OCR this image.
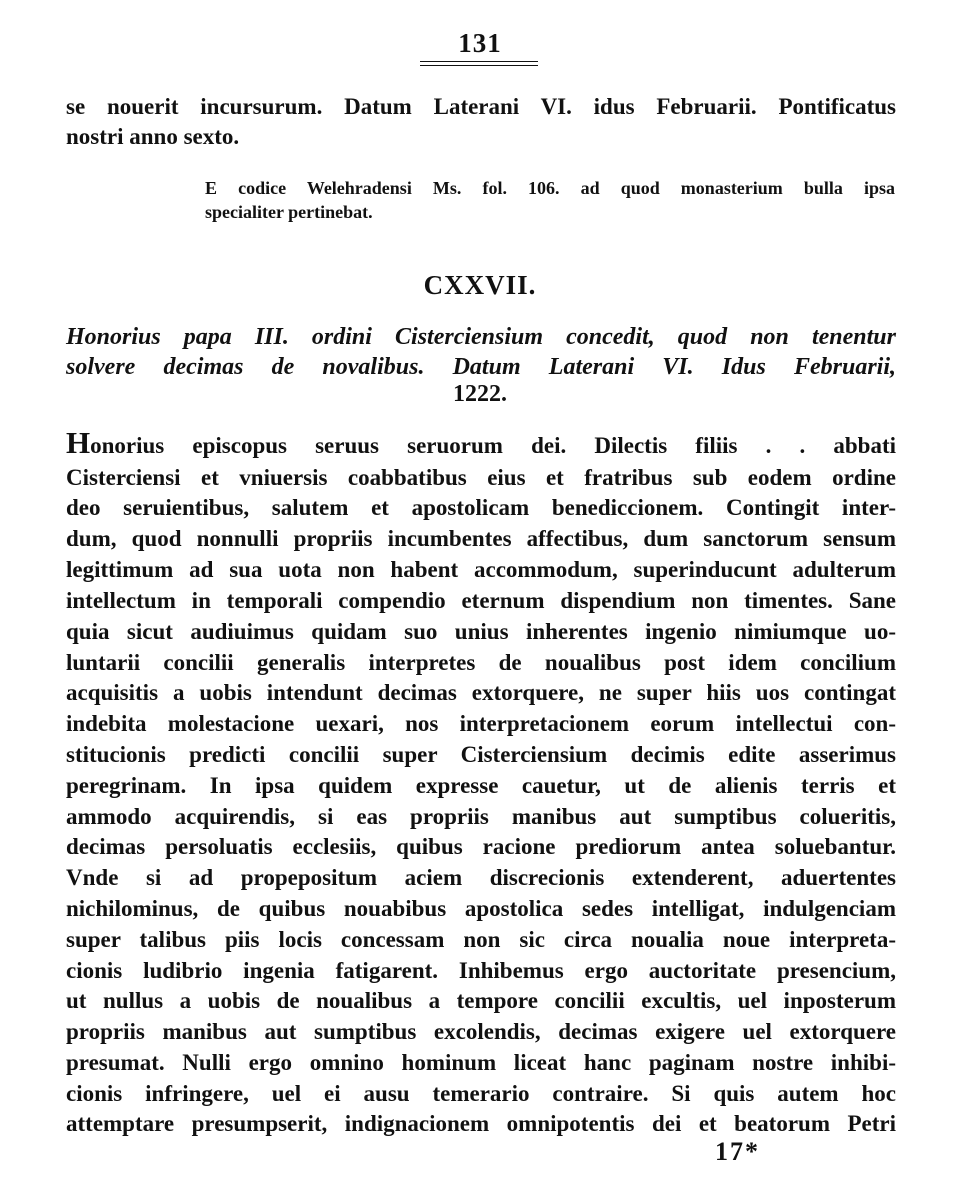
131
se nouerit incursurum. Datum Laterani VI. idus Februarii. Pontificatus
nostri anno sexto.
E codice Welehradensi Ms. fol. 106. ad quod monasterium bulla ipsa
specialiter pertinebat.
CXXVII.
Honorius papa III. ordini Cisterciensium concedit, quod non tenentur
solvere decimas de novalibus. Datum Laterani VI. Idus Februarii,
1222.
Honorius episcopus seruus seruorum dei. Dilectis filiis . . abbati
Cisterciensi et vniuersis coabbatibus eius et fratribus sub eodem ordine
deo seruientibus, salutem et apostolicam benediccionem. Contingit inter-
dum, quod nonnulli propriis incumbentes affectibus, dum sanctorum sensum
legittimum ad sua uota non habent accommodum, superinducunt adulterum
intellectum in temporali compendio eternum dispendium non timentes. Sane
quia sicut audiuimus quidam suo unius inherentes ingenio nimiumque uo-
luntarii concilii generalis interpretes de noualibus post idem concilium
acquisitis a uobis intendunt decimas extorquere, ne super hiis uos contingat
indebita molestacione uexari, nos interpretacionem eorum intellectui con-
stitucionis predicti concilii super Cisterciensium decimis edite asserimus
peregrinam. In ipsa quidem expresse cauetur, ut de alienis terris et
ammodo acquirendis, si eas propriis manibus aut sumptibus colueritis,
decimas persoluatis ecclesiis, quibus racione prediorum antea soluebantur.
Vnde si ad propepositum aciem discrecionis extenderent, aduertentes
nichilominus, de quibus nouabibus apostolica sedes intelligat, indulgenciam
super talibus piis locis concessam non sic circa noualia noue interpreta-
cionis ludibrio ingenia fatigarent. Inhibemus ergo auctoritate presencium,
ut nullus a uobis de noualibus a tempore concilii excultis, uel inposterum
propriis manibus aut sumptibus excolendis, decimas exigere uel extorquere
presumat. Nulli ergo omnino hominum liceat hanc paginam nostre inhibi-
cionis infringere, uel ei ausu temerario contraire. Si quis autem hoc
attemptare presumpserit, indignacionem omnipotentis dei et beatorum Petri
17*
